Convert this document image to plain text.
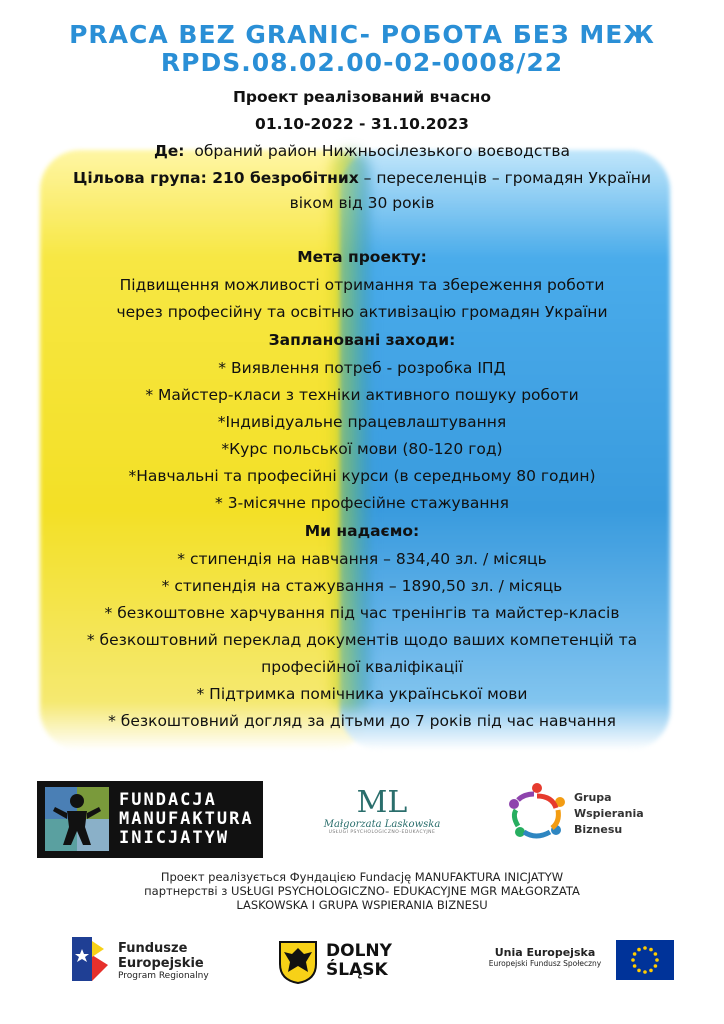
PRACA BEZ GRANIC- РОБОТА БЕЗ МЕЖ
RPDS.08.02.00-02-0008/22
Проект реалізований вчасно
01.10-2022 - 31.10.2023
Де: обраний район Нижньосілезького воєводства
Цільова група: 210 безробітних – переселенців – громадян України
віком від 30 років
Мета проекту:
Підвищення можливості отримання та збереження роботи
через професійну та освітню активізацію громадян України
Заплановані заходи:
* Виявлення потреб - розробка ІПД
* Майстер-класи з техніки активного пошуку роботи
*Індивідуальне працевлаштування
*Курс польської мови (80-120 год)
*Навчальні та професійні курси (в середньому 80 годин)
* 3-місячне професійне стажування
Ми надаємо:
* стипендія на навчання – 834,40 зл. / місяць
* стипендія на стажування – 1890,50 зл. / місяць
* безкоштовне харчування під час тренінгів та майстер-класів
* безкоштовний переклад документів щодо ваших компетенцій та
професійної кваліфікації
* Підтримка помічника української мови
* безкоштовний догляд за дітьми до 7 років під час навчання
FUNDACJA
MANUFAKTURA
INICJATYW
ML
Małgorzata Laskowska
USŁUGI PSYCHOLOGICZNO-EDUKACYJNE
Grupa
Wspierania
Biznesu
Проект реалізується Фундацією Fundację MANUFAKTURA INICJATYW
партнерстві з USŁUGI PSYCHOLOGICZNO- EDUKACYJNE MGR MAŁGORZATA
LASKOWSKA I GRUPA WSPIERANIA BIZNESU
Fundusze
Europejskie
Program Regionalny
DOLNY
ŚLĄSK
Unia Europejska
Europejski Fundusz Społeczny
